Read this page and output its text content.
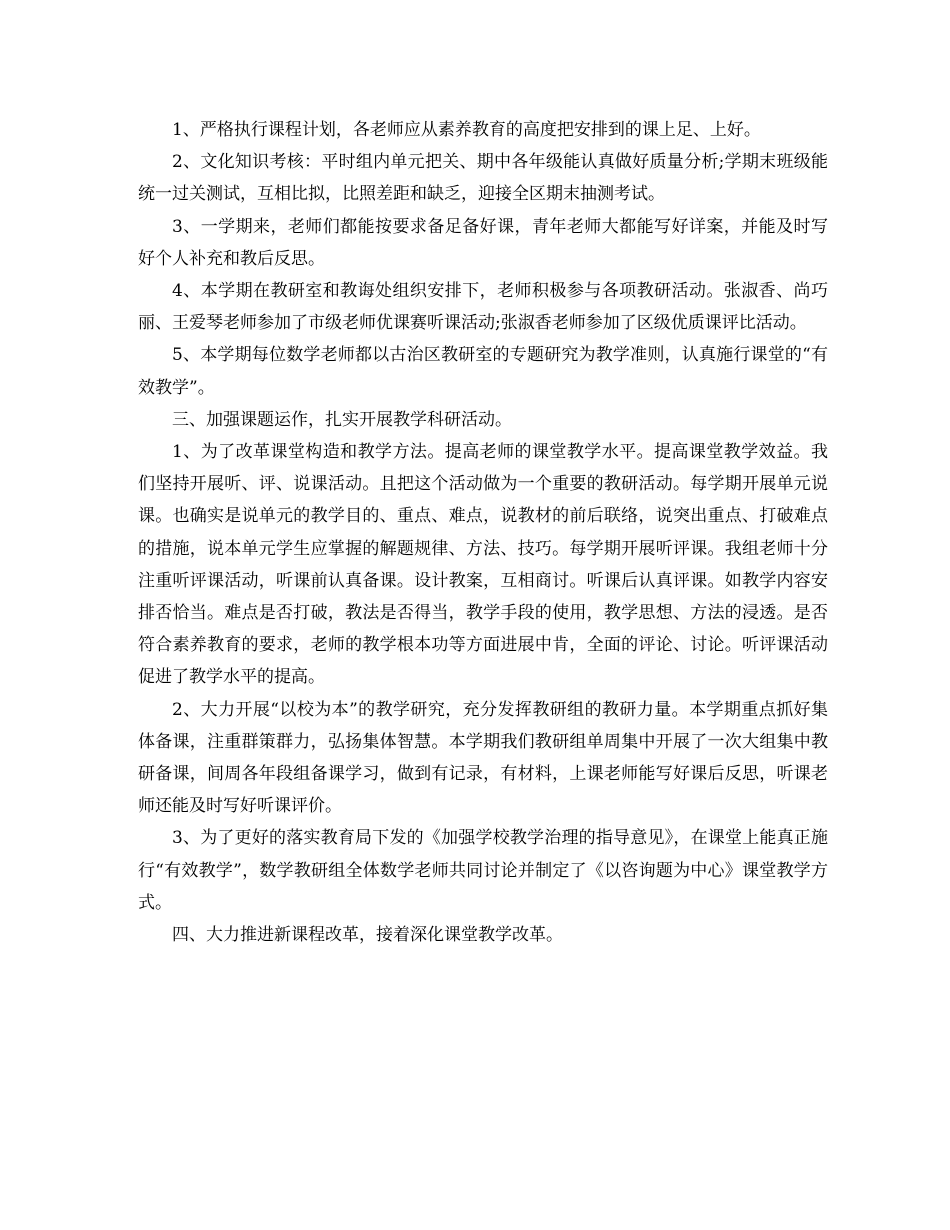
1、严格执行课程计划，各老师应从素养教育的高度把安排到的课上足、上好。

2、文化知识考核：平时组内单元把关、期中各年级能认真做好质量分析;学期末班级能统一过关测试，互相比拟，比照差距和缺乏，迎接全区期末抽测考试。

3、一学期来，老师们都能按要求备足备好课，青年老师大都能写好详案，并能及时写好个人补充和教后反思。

4、本学期在教研室和教诲处组织安排下，老师积极参与各项教研活动。张淑香、尚巧丽、王爱琴老师参加了市级老师优课赛听课活动;张淑香老师参加了区级优质课评比活动。

5、本学期每位数学老师都以古治区教研室的专题研究为教学准则，认真施行课堂的“有效教学”。

三、加强课题运作，扎实开展教学科研活动。

1、为了改革课堂构造和教学方法。提高老师的课堂教学水平。提高课堂教学效益。我们坚持开展听、评、说课活动。且把这个活动做为一个重要的教研活动。每学期开展单元说课。也确实是说单元的教学目的、重点、难点，说教材的前后联络，说突出重点、打破难点的措施，说本单元学生应掌握的解题规律、方法、技巧。每学期开展听评课。我组老师十分注重听评课活动，听课前认真备课。设计教案，互相商讨。听课后认真评课。如教学内容安排否恰当。难点是否打破，教法是否得当，教学手段的使用，教学思想、方法的浸透。是否符合素养教育的要求，老师的教学根本功等方面进展中肯，全面的评论、讨论。听评课活动促进了教学水平的提高。

2、大力开展“以校为本”的教学研究，充分发挥教研组的教研力量。本学期重点抓好集体备课，注重群策群力，弘扬集体智慧。本学期我们教研组单周集中开展了一次大组集中教研备课，间周各年段组备课学习，做到有记录，有材料，上课老师能写好课后反思，听课老师还能及时写好听课评价。

3、为了更好的落实教育局下发的《加强学校教学治理的指导意见》，在课堂上能真正施行“有效教学”，数学教研组全体数学老师共同讨论并制定了《以咨询题为中心》课堂教学方式。

四、大力推进新课程改革，接着深化课堂教学改革。
